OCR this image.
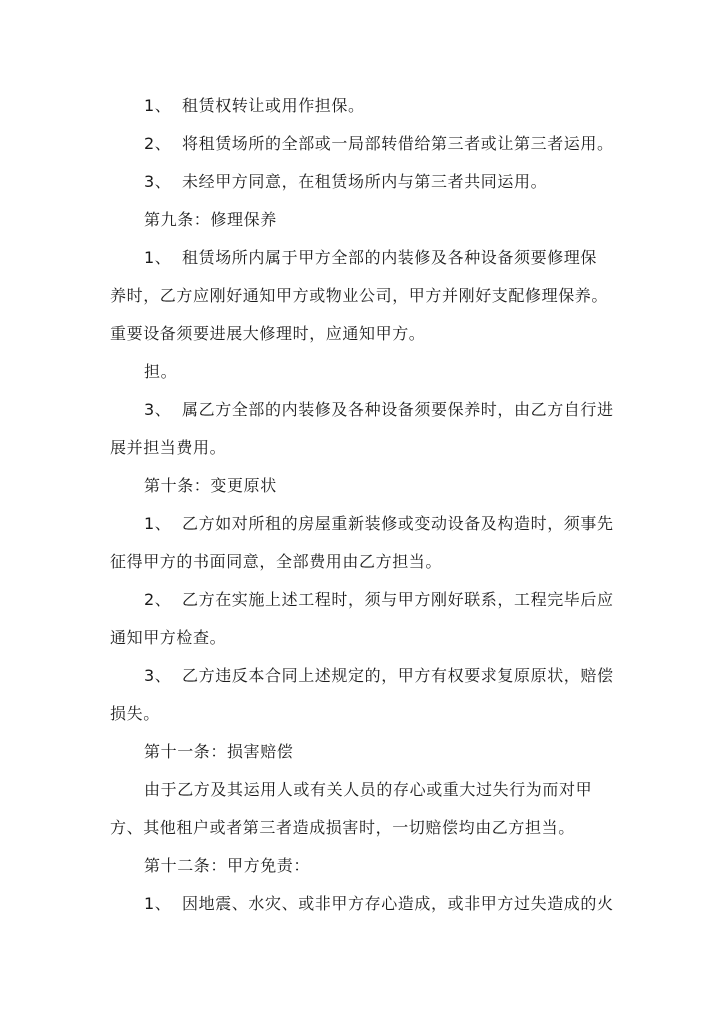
1、 租赁权转让或用作担保。
2、 将租赁场所的全部或一局部转借给第三者或让第三者运用。
3、 未经甲方同意，在租赁场所内与第三者共同运用。
第九条：修理保养
1、 租赁场所内属于甲方全部的内装修及各种设备须要修理保
养时，乙方应刚好通知甲方或物业公司，甲方并刚好支配修理保养。
重要设备须要进展大修理时，应通知甲方。
担。
3、 属乙方全部的内装修及各种设备须要保养时，由乙方自行进
展并担当费用。
第十条：变更原状
1、 乙方如对所租的房屋重新装修或变动设备及构造时，须事先
征得甲方的书面同意，全部费用由乙方担当。
2、 乙方在实施上述工程时，须与甲方刚好联系，工程完毕后应
通知甲方检查。
3、 乙方违反本合同上述规定的，甲方有权要求复原原状，赔偿
损失。
第十一条：损害赔偿
由于乙方及其运用人或有关人员的存心或重大过失行为而对甲
方、其他租户或者第三者造成损害时，一切赔偿均由乙方担当。
第十二条：甲方免责：
1、 因地震、水灾、或非甲方存心造成，或非甲方过失造成的火
